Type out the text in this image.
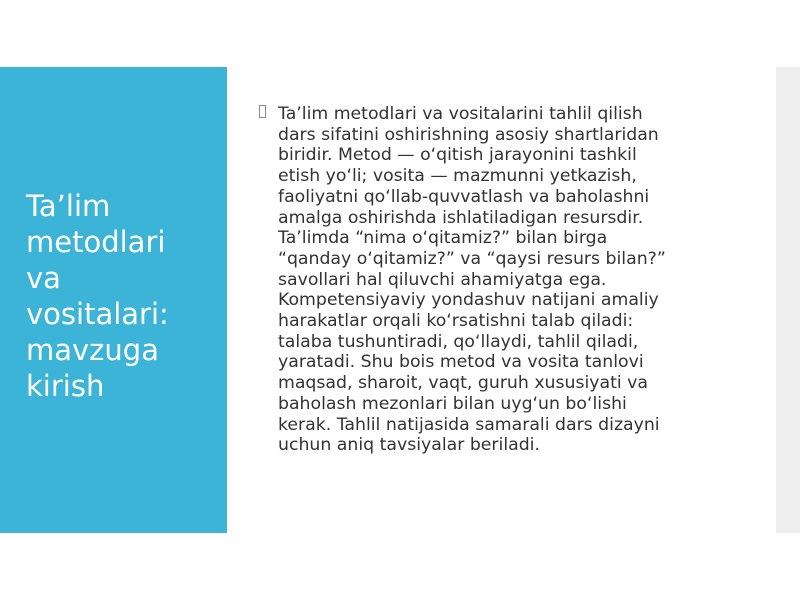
Ta’lim
metodlari
va
vositalari:
mavzuga
kirish

Ta’lim metodlari va vositalarini tahlil qilish
dars sifatini oshirishning asosiy shartlaridan
biridir. Metod — o‘qitish jarayonini tashkil
etish yo‘li; vosita — mazmunni yetkazish,
faoliyatni qo‘llab-quvvatlash va baholashni
amalga oshirishda ishlatiladigan resursdir.
Ta’limda “nima o‘qitamiz?” bilan birga
“qanday o‘qitamiz?” va “qaysi resurs bilan?”
savollari hal qiluvchi ahamiyatga ega.
Kompetensiyaviy yondashuv natijani amaliy
harakatlar orqali ko‘rsatishni talab qiladi:
talaba tushuntiradi, qo‘llaydi, tahlil qiladi,
yaratadi. Shu bois metod va vosita tanlovi
maqsad, sharoit, vaqt, guruh xususiyati va
baholash mezonlari bilan uyg‘un bo‘lishi
kerak. Tahlil natijasida samarali dars dizayni
uchun aniq tavsiyalar beriladi.
